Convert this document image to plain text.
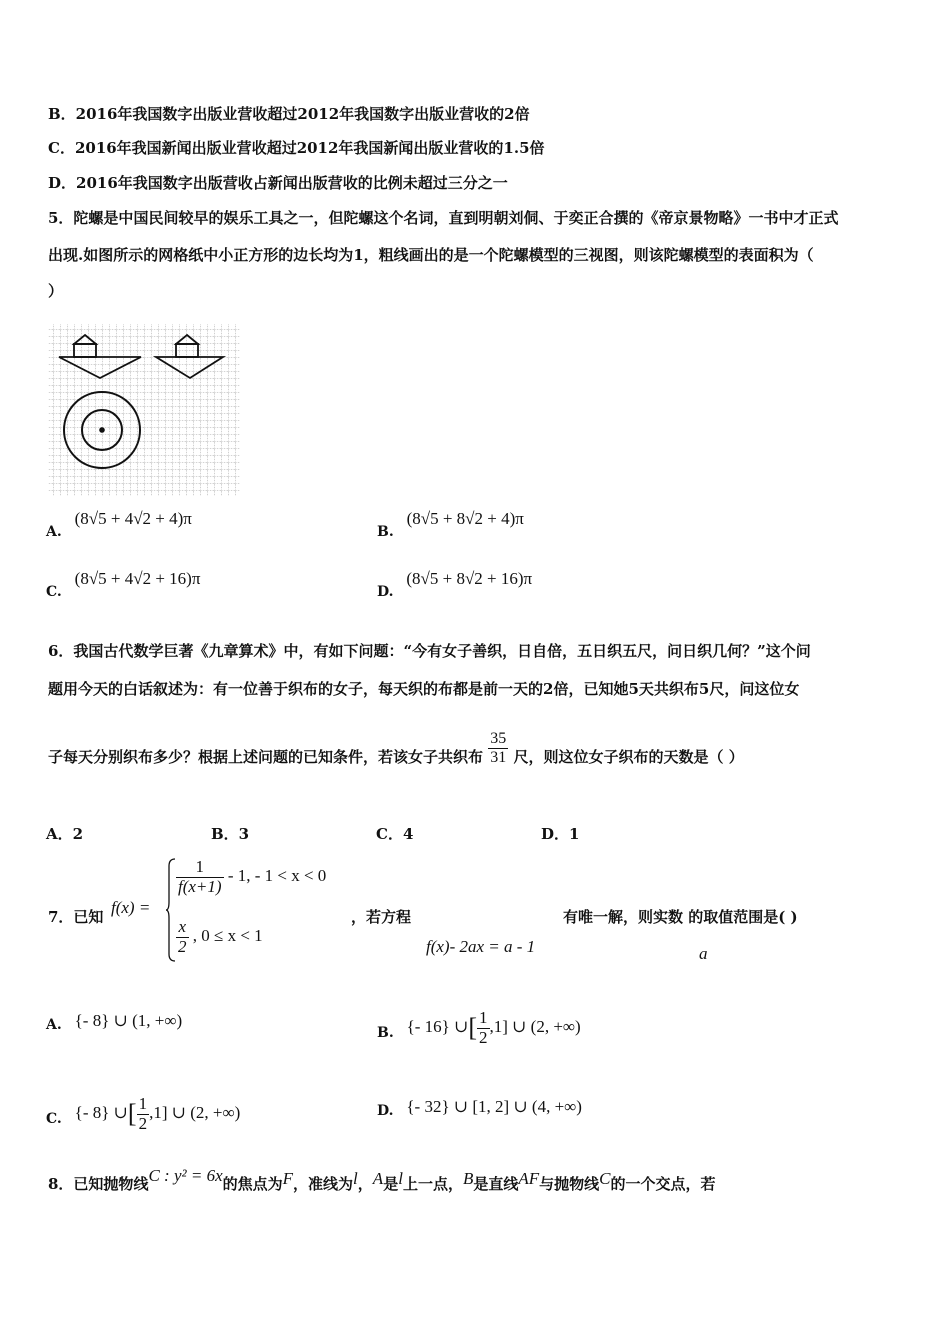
B．2016年我国数字出版业营收超过2012年我国数字出版业营收的2倍
C．2016年我国新闻出版业营收超过2012年我国新闻出版业营收的1.5倍
D．2016年我国数字出版营收占新闻出版营收的比例未超过三分之一
5．陀螺是中国民间较早的娱乐工具之一，但陀螺这个名词，直到明朝刘侗、于奕正合撰的《帝京景物略》一书中才正式
出现.如图所示的网格纸中小正方形的边长均为1，粗线画出的是一个陀螺模型的三视图，则该陀螺模型的表面积为（
）
A. (8√5 + 4√2 + 4)π
B. (8√5 + 8√2 + 4)π
C. (8√5 + 4√2 + 16)π
D. (8√5 + 8√2 + 16)π
6．我国古代数学巨著《九章算术》中，有如下问题：“今有女子善织，日自倍，五日织五尺，问日织几何？”这个问
题用今天的白话叙述为：有一位善于织布的女子，每天织的布都是前一天的2倍，已知她5天共织布5尺，问这位女
子每天分别织布多少？根据上述问题的已知条件，若该女子共织布 $\frac{35}{31}$ 尺，则这位女子织布的天数是（ ）
A．2	B．3	C．4	D．1
7．已知 f(x) =
$\frac{1}{f(x+1)} - 1$, - 1 < x < 0
$\frac{x}{2}$ , 0 ≤ x < 1
，若方程
f(x)- 2ax = a - 1
有唯一解，则实数 的取值范围是( )
a
A. {- 8} ∪ (1, +∞)
B. {- 16} ∪[ $\frac{1}{2} ,1$] ∪ (2, +∞)
C. {- 8} ∪[ $\frac{1}{2} ,1$] ∪ (2, +∞)	D. {- 32} ∪ [1, 2] ∪ (4, +∞)
8．已知抛物线C : y² = 6x的焦点为F，准线为l，A是l上一点，B是直线AF与抛物线C的一个交点，若
